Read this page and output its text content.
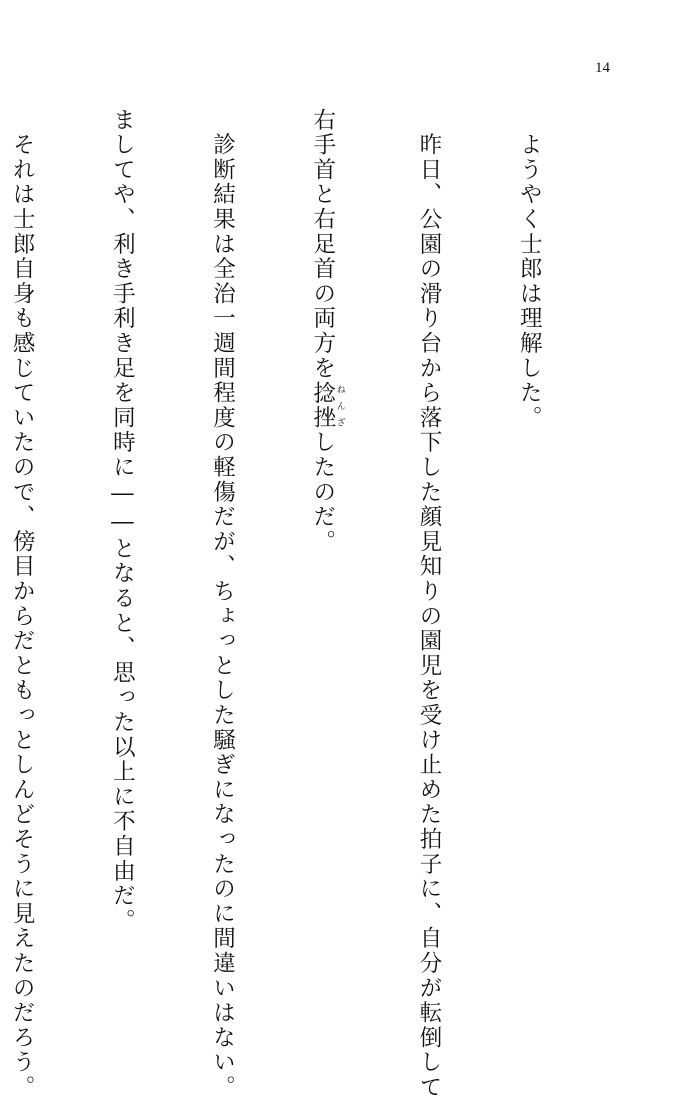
14

　ようやく士郎は理解した。

　昨日、公園の滑り台から落下した顔見知りの園児を受け止めた拍子に、自分が転倒して

右手首と右足首の両方を捻挫 ねんざしたのだ。

　診断結果は全治一週間程度の軽傷だが、ちょっとした騒ぎになったのに間違いはない。

ましてや、利き手利き足を同時に――となると、思った以上に不自由だ。

　それは士郎自身も感じていたので、傍目からだともっとしんどそうに見えたのだろう。
